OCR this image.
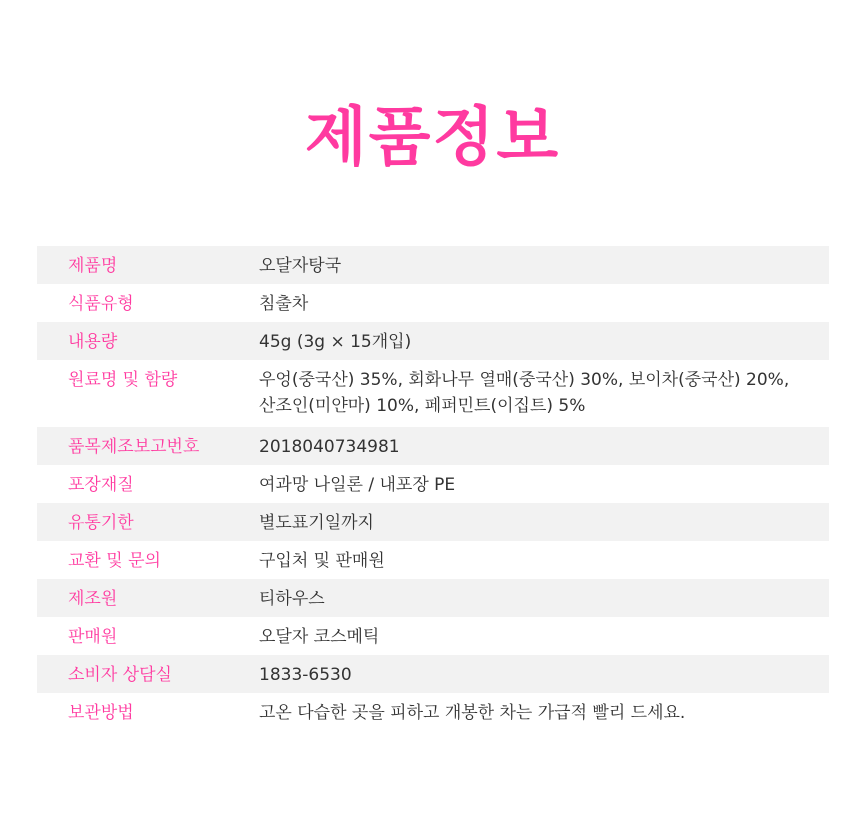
제품정보
제품명	오달자탕국
식품유형	침출차
내용량	45g (3g × 15개입)
원료명 및 함량	우엉(중국산) 35%, 회화나무 열매(중국산) 30%, 보이차(중국산) 20%,
산조인(미얀마) 10%, 페퍼민트(이집트) 5%
품목제조보고번호	2018040734981
포장재질	여과망 나일론 / 내포장 PE
유통기한	별도표기일까지
교환 및 문의	구입처 및 판매원
제조원	티하우스
판매원	오달자 코스메틱
소비자 상담실	1833-6530
보관방법	고온 다습한 곳을 피하고 개봉한 차는 가급적 빨리 드세요.
